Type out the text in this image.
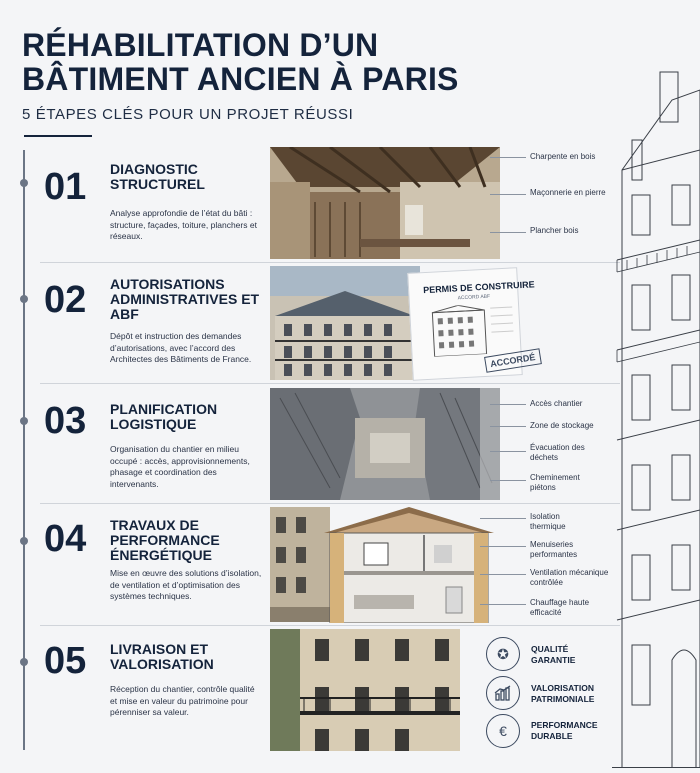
RÉHABILITATION D’UN
BÂTIMENT ANCIEN À PARIS
5 ÉTAPES CLÉS POUR UN PROJET RÉUSSI
01 DIAGNOSTIC STRUCTUREL
Analyse approfondie de l’état du bâti : structure, façades, toiture, planchers et réseaux.
Charpente en bois
Maçonnerie en pierre
Plancher bois
02 AUTORISATIONS ADMINISTRATIVES ET ABF
Dépôt et instruction des demandes d’autorisations, avec l’accord des Architectes des Bâtiments de France.
PERMIS DE CONSTRUIRE
ACCORD ABF
ACCORDÉ
03 PLANIFICATION LOGISTIQUE
Organisation du chantier en milieu occupé : accès, approvisionnements, phasage et coordination des intervenants.
Accès chantier
Zone de stockage
Évacuation des déchets
Cheminement piétons
04 TRAVAUX DE PERFORMANCE ÉNERGÉTIQUE
Mise en œuvre des solutions d’isolation, de ventilation et d’optimisation des systèmes techniques.
Isolation thermique
Menuiseries performantes
Ventilation mécanique contrôlée
Chauffage haute efficacité
05 LIVRAISON ET VALORISATION
Réception du chantier, contrôle qualité et mise en valeur du patrimoine pour pérenniser sa valeur.
✪	QUALITÉ GARANTIE
VALORISATION PATRIMONIALE
€	PERFORMANCE DURABLE
